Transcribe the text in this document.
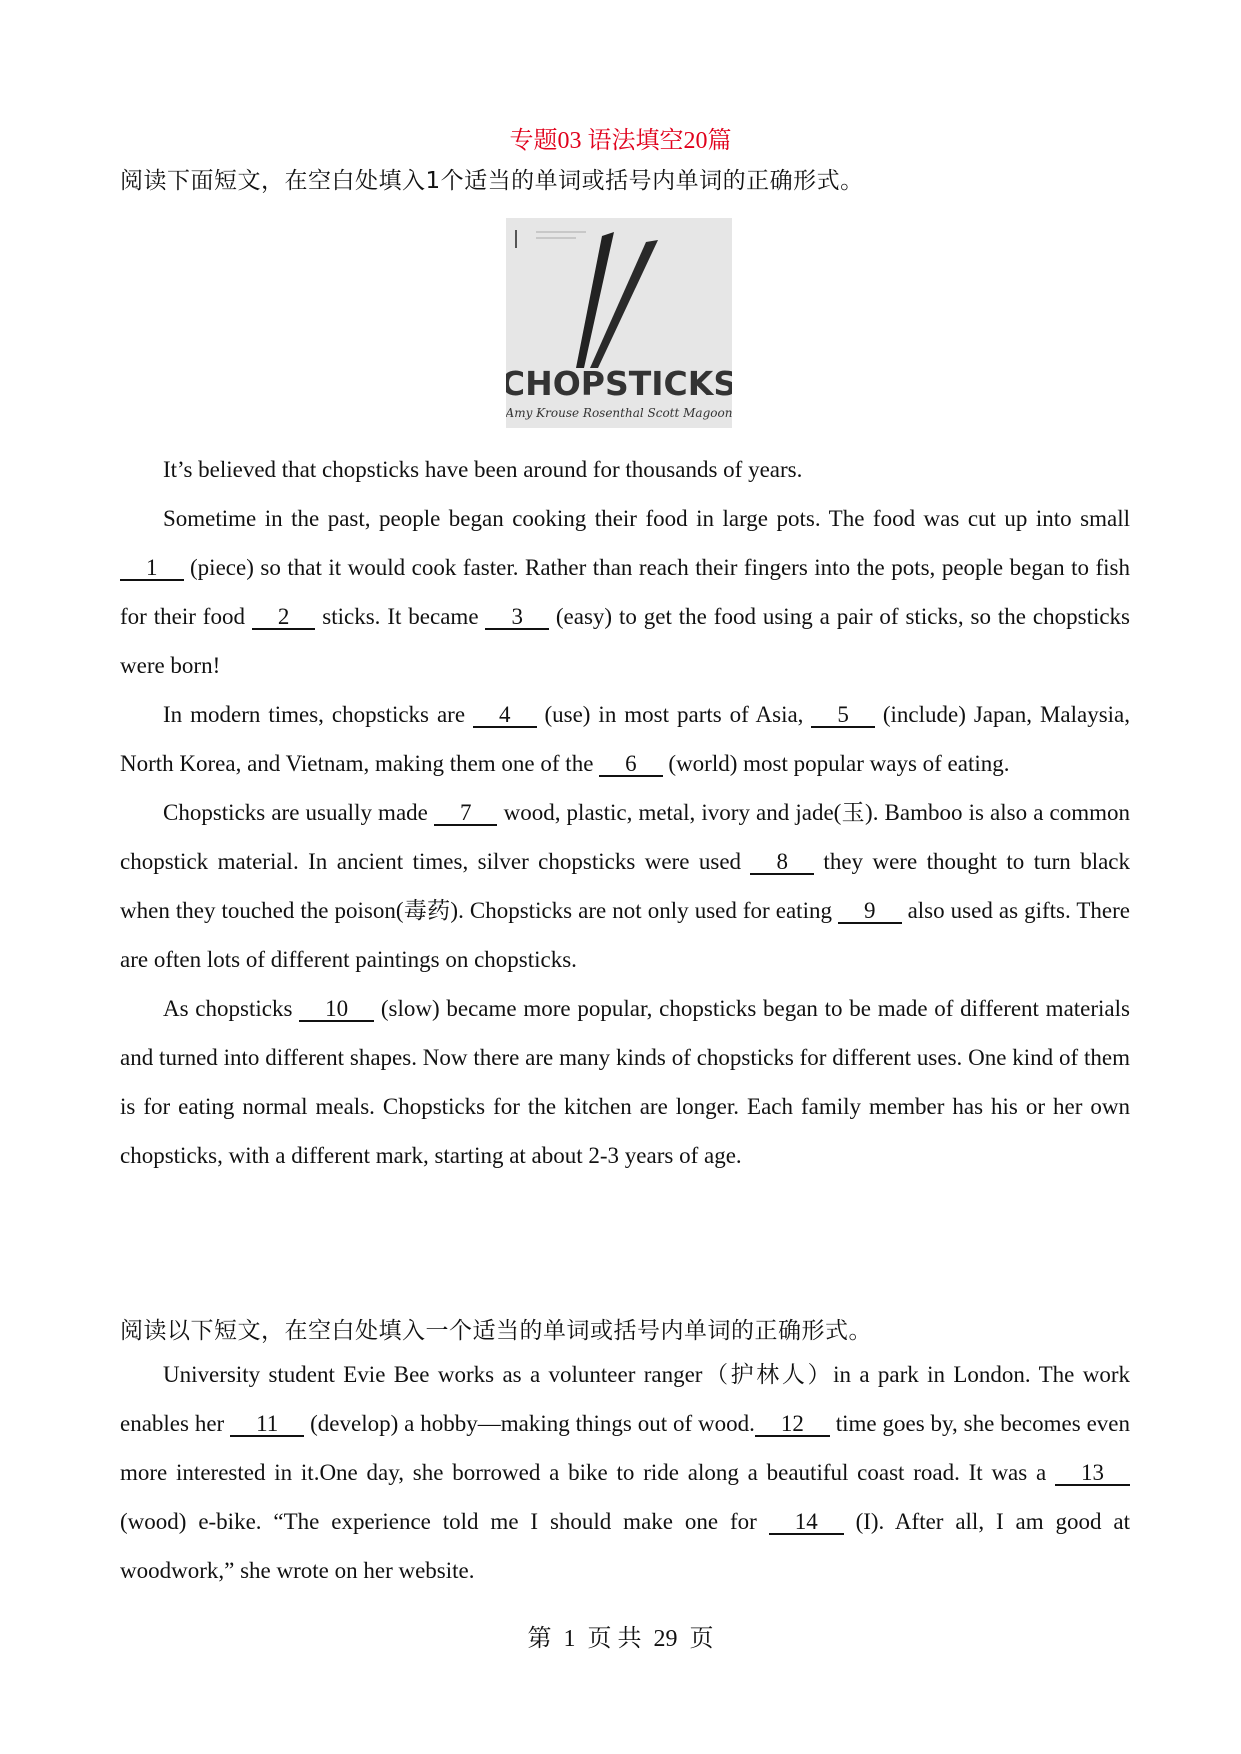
专题03 语法填空20篇
阅读下面短文，在空白处填入1个适当的单词或括号内单词的正确形式。
CHOPSTICKS
Amy Krouse Rosenthal Scott Magoon

It’s believed that chopsticks have been around for thousands of years.

Sometime in the past, people began cooking their food in large pots. The food was cut up into small 1 (piece) so that it would cook faster. Rather than reach their fingers into the pots, people began to fish for their food 2 sticks. It became 3 (easy) to get the food using a pair of sticks, so the chopsticks were born!

In modern times, chopsticks are 4 (use) in most parts of Asia, 5 (include) Japan, Malaysia, North Korea, and Vietnam, making them one of the 6 (world) most popular ways of eating.

Chopsticks are usually made 7 wood, plastic, metal, ivory and jade(玉). Bamboo is also a common chopstick material. In ancient times, silver chopsticks were used 8 they were thought to turn black when they touched the poison(毒药). Chopsticks are not only used for eating 9 also used as gifts. There are often lots of different paintings on chopsticks.

As chopsticks 10 (slow) became more popular, chopsticks began to be made of different materials and turned into different shapes. Now there are many kinds of chopsticks for different uses. One kind of them is for eating normal meals. Chopsticks for the kitchen are longer. Each family member has his or her own chopsticks, with a different mark, starting at about 2-3 years of age.

阅读以下短文，在空白处填入一个适当的单词或括号内单词的正确形式。

University student Evie Bee works as a volunteer ranger（护林人）in a park in London. The work enables her 11 (develop) a hobby—making things out of wood. 12 time goes by, she becomes even more interested in it.One day, she borrowed a bike to ride along a beautiful coast road. It was a 13 (wood) e-bike. “The experience told me I should make one for 14 (I). After all, I am good at woodwork,” she wrote on her website.

第 1 页 共 29 页
